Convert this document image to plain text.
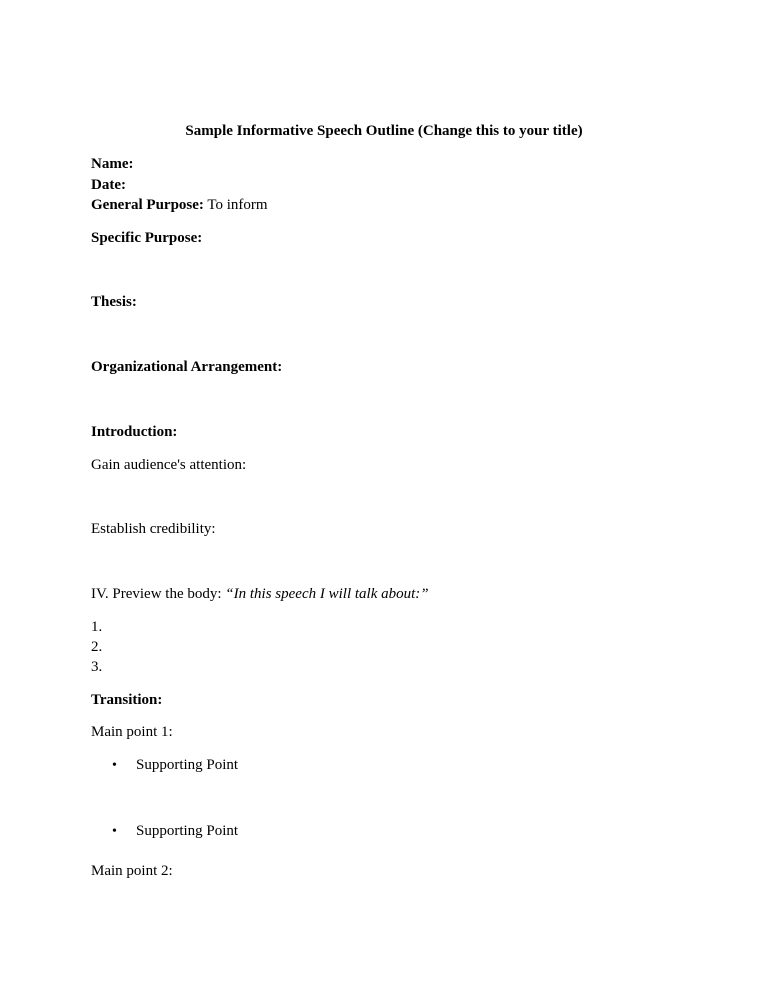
Sample Informative Speech Outline (Change this to your title)
Name:
Date:
General Purpose: To inform
Specific Purpose:
Thesis:
Organizational Arrangement:
Introduction:
Gain audience's attention:
Establish credibility:
IV. Preview the body: “In this speech I will talk about:”
1.
2.
3.
Transition:
Main point 1:
• Supporting Point
• Supporting Point
Main point 2:
